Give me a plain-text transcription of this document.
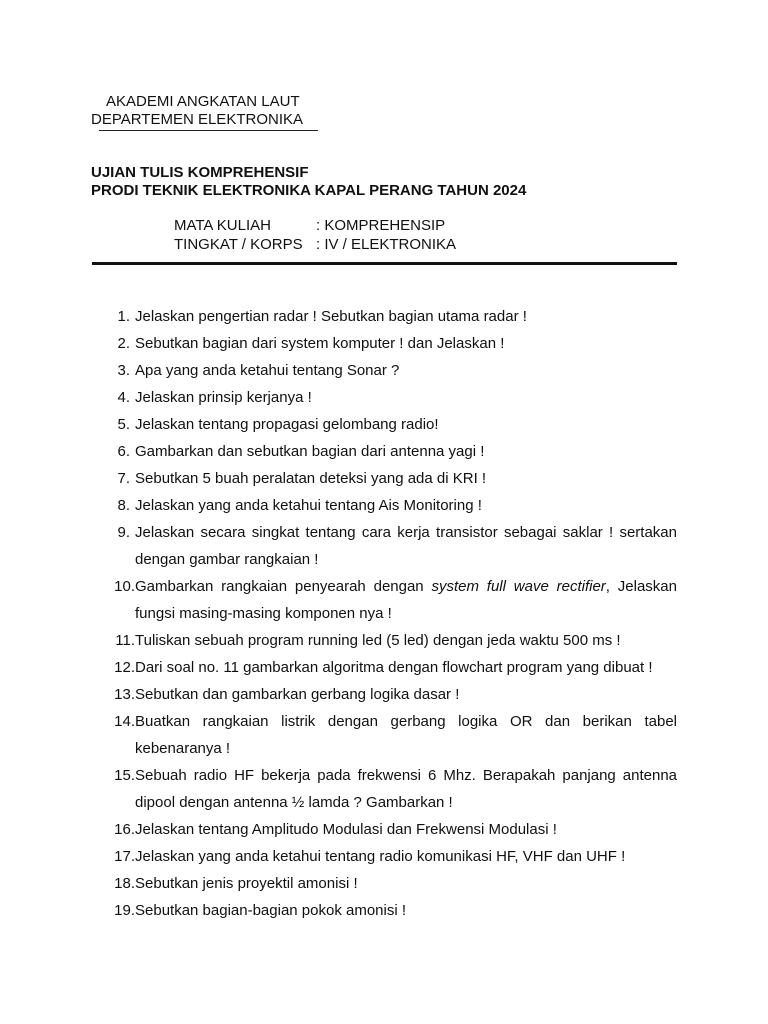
AKADEMI ANGKATAN LAUT
DEPARTEMEN ELEKTRONIKA
UJIAN TULIS KOMPREHENSIF
PRODI TEKNIK ELEKTRONIKA KAPAL PERANG TAHUN 2024
MATA KULIAH	: KOMPREHENSIP
TINGKAT / KORPS : IV / ELEKTRONIKA
1. Jelaskan pengertian radar ! Sebutkan bagian utama radar !
2. Sebutkan bagian dari system komputer ! dan Jelaskan !
3. Apa yang anda ketahui tentang Sonar ?
4. Jelaskan prinsip kerjanya !
5. Jelaskan tentang propagasi gelombang radio!
6. Gambarkan dan sebutkan bagian dari antenna yagi !
7. Sebutkan 5 buah peralatan deteksi yang ada di KRI !
8. Jelaskan yang anda ketahui tentang Ais Monitoring !
9. Jelaskan secara singkat tentang cara kerja transistor sebagai saklar ! sertakan dengan gambar rangkaian !
10. Gambarkan rangkaian penyearah dengan system full wave rectifier, Jelaskan fungsi masing-masing komponen nya !
11. Tuliskan sebuah program running led (5 led) dengan jeda waktu 500 ms !
12. Dari soal no. 11 gambarkan algoritma dengan flowchart program yang dibuat !
13. Sebutkan dan gambarkan gerbang logika dasar !
14. Buatkan rangkaian listrik dengan gerbang logika OR dan berikan tabel kebenaranya !
15. Sebuah radio HF bekerja pada frekwensi 6 Mhz. Berapakah panjang antenna dipool dengan antenna ½ lamda ? Gambarkan !
16. Jelaskan tentang Amplitudo Modulasi dan Frekwensi Modulasi !
17. Jelaskan yang anda ketahui tentang radio komunikasi HF, VHF dan UHF !
18. Sebutkan jenis proyektil amonisi !
19. Sebutkan bagian-bagian pokok amonisi !
